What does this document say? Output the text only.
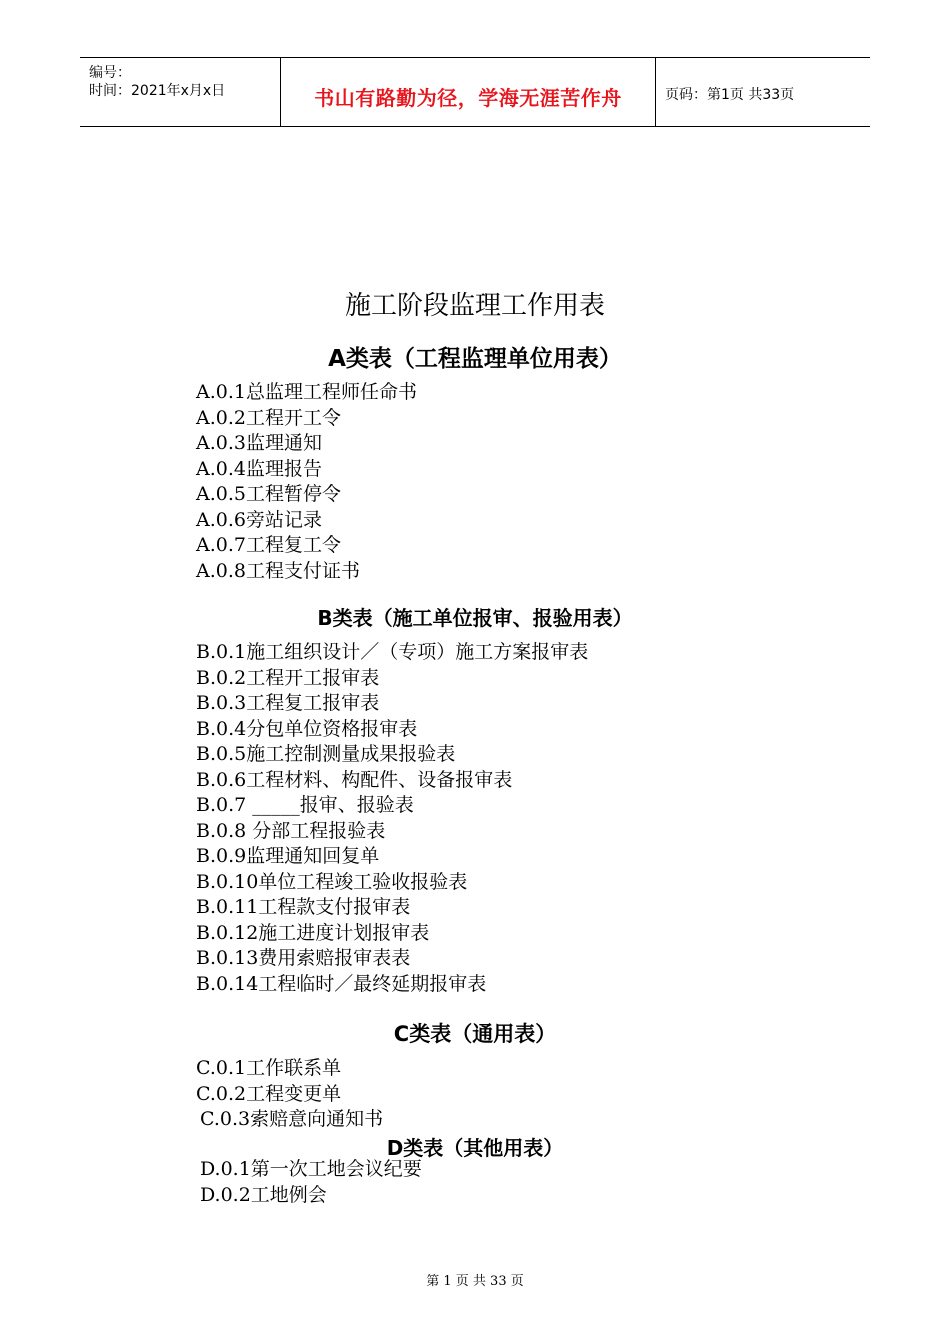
编号：
时间：2021年x月x日	书山有路勤为径，学海无涯苦作舟	页码：第1页 共33页
施工阶段监理工作用表
A类表（工程监理单位用表）
A.0.1总监理工程师任命书
A.0.2工程开工令
A.0.3监理通知
A.0.4监理报告
A.0.5工程暂停令
A.0.6旁站记录
A.0.7工程复工令
A.0.8工程支付证书
B类表（施工单位报审、报验用表）
B.0.1施工组织设计／（专项）施工方案报审表
B.0.2工程开工报审表
B.0.3工程复工报审表
B.0.4分包单位资格报审表
B.0.5施工控制测量成果报验表
B.0.6工程材料、构配件、设备报审表
B.0.7 _____报审、报验表
B.0.8 分部工程报验表
B.0.9监理通知回复单
B.0.10单位工程竣工验收报验表
B.0.11工程款支付报审表
B.0.12施工进度计划报审表
B.0.13费用索赔报审表表
B.0.14工程临时／最终延期报审表
C类表（通用表）
C.0.1工作联系单
C.0.2工程变更单
C.0.3索赔意向通知书
D类表（其他用表）
D.0.1第一次工地会议纪要
D.0.2工地例会
第 1 页 共 33 页
